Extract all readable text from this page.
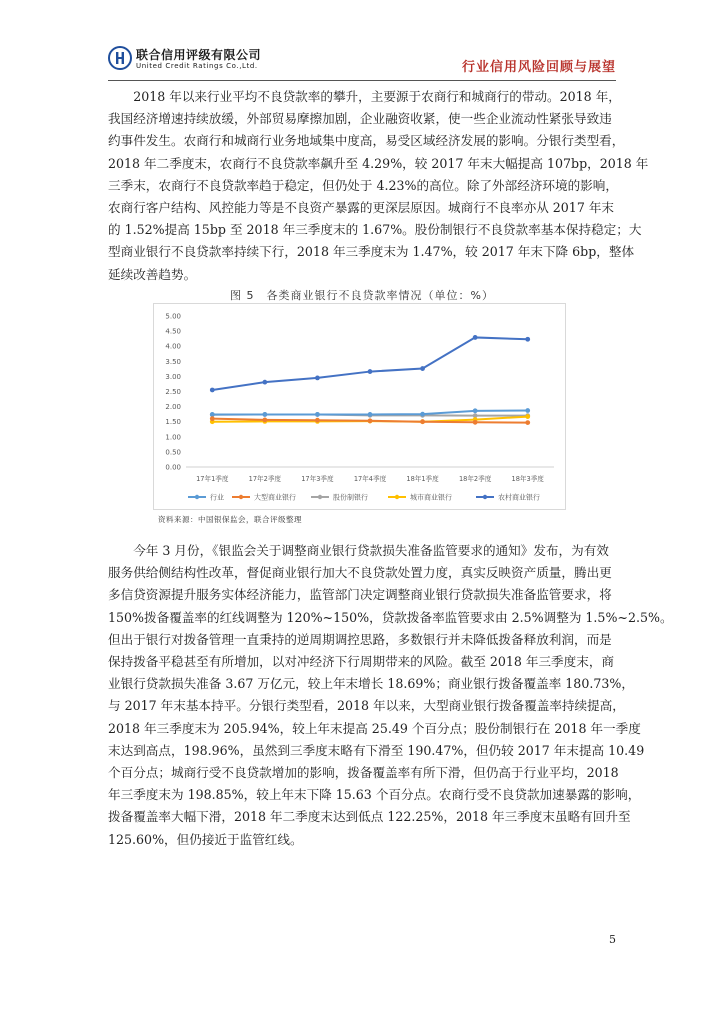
联合信用评级有限公司
United Credit Ratings Co.,Ltd.	行业信用风险回顾与展望
2018 年以来行业平均不良贷款率的攀升，主要源于农商行和城商行的带动。2018 年，
我国经济增速持续放缓，外部贸易摩擦加剧，企业融资收紧，使一些企业流动性紧张导致违
约事件发生。农商行和城商行业务地域集中度高，易受区域经济发展的影响。分银行类型看，
2018 年二季度末，农商行不良贷款率飙升至 4.29%，较 2017 年末大幅提高 107bp，2018 年
三季末，农商行不良贷款率趋于稳定，但仍处于 4.23%的高位。除了外部经济环境的影响，
农商行客户结构、风控能力等是不良资产暴露的更深层原因。城商行不良率亦从 2017 年末
的 1.52%提高 15bp 至 2018 年三季度末的 1.67%。股份制银行不良贷款率基本保持稳定；大
型商业银行不良贷款率持续下行，2018 年三季度末为 1.47%，较 2017 年末下降 6bp，整体
延续改善趋势。
图 5　各类商业银行不良贷款率情况（单位：%）
0.00
0.50
1.00
1.50
2.00
2.50
3.00
3.50
4.00
4.50
5.00
17年1季度	17年2季度	17年3季度	17年4季度	18年1季度	18年2季度	18年3季度
行业	大型商业银行	股份制银行	城市商业银行	农村商业银行
资料来源：中国银保监会，联合评级整理
今年 3 月份，《银监会关于调整商业银行贷款损失准备监管要求的通知》发布，为有效
服务供给侧结构性改革，督促商业银行加大不良贷款处置力度，真实反映资产质量，腾出更
多信贷资源提升服务实体经济能力，监管部门决定调整商业银行贷款损失准备监管要求，将
150%拨备覆盖率的红线调整为 120%~150%，贷款拨备率监管要求由 2.5%调整为 1.5%~2.5%。
但出于银行对拨备管理一直秉持的逆周期调控思路，多数银行并未降低拨备释放利润，而是
保持拨备平稳甚至有所增加，以对冲经济下行周期带来的风险。截至 2018 年三季度末，商
业银行贷款损失准备 3.67 万亿元，较上年末增长 18.69%；商业银行拨备覆盖率 180.73%，
与 2017 年末基本持平。分银行类型看，2018 年以来，大型商业银行拨备覆盖率持续提高，
2018 年三季度末为 205.94%，较上年末提高 25.49 个百分点；股份制银行在 2018 年一季度
末达到高点，198.96%，虽然到三季度末略有下滑至 190.47%，但仍较 2017 年末提高 10.49
个百分点；城商行受不良贷款增加的影响，拨备覆盖率有所下滑，但仍高于行业平均，2018
年三季度末为 198.85%，较上年末下降 15.63 个百分点。农商行受不良贷款加速暴露的影响，
拨备覆盖率大幅下滑，2018 年二季度末达到低点 122.25%，2018 年三季度末虽略有回升至
125.60%，但仍接近于监管红线。
5
